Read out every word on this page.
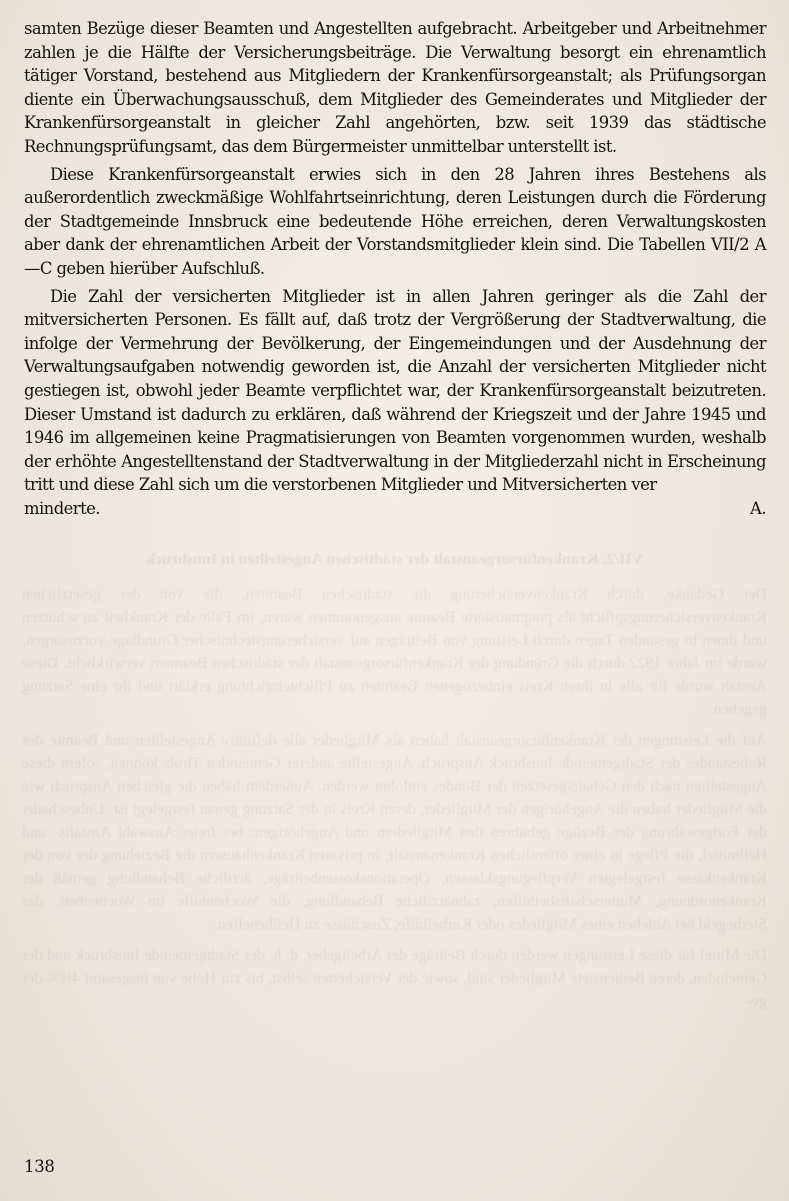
VII/2. Krankenfürsorgeanstalt der städtischen Angestellten in Innsbruck

Der Gedanke, durch Krankenversicherung die städtischen Beamten, die von der gesetzlichen Krankenversicherungspflicht als pragmatisierte Beamte ausgenommen waren, im Falle der Krankheit zu schützen und ihnen in gesunden Tagen durch Leistung von Beiträgen auf versicherungstechnischer Grundlage vorzusorgen, wurde im Jahre 1922 durch die Gründung der Krankenfürsorgeanstalt der städtischen Beamten verwirklicht. Diese Anstalt wurde für alle in ihren Kreis einbezogenen Beamten zu Pflichteinrichtung erklärt und ihr eine Satzung gegeben.

Auf die Leistungen der Krankenfürsorgeanstalt haben als Mitglieder alle definitiv Angestellten und Beamte des Ruhestandes der Stadtgemeinde Innsbruck Anspruch. Angestellte anderer Gemeinden Tirols können, sofern diese Angestellten nach den Gehaltsgesetzen der Bundes entlohnt werden. Außerdem haben die gleichen Anspruch wie die Mitglieder haben die Angehörigen der Mitglieder, deren Kreis in der Satzung genau festgelegt ist. Unbeschadet der Fortgewährung der Bezüge gebühren den Mitgliedern und Angehörigen: bei freier Auswahl Anstalts- und Heilmittel, die Pflege in einer öffentlichen Krankenanstalt, in privaten Krankenhäusern die Beziehung der von der Krankenkasse festgelegten Verpflegungsklassen, Operationskostenbeiträge, ärztliche Behandlung gemäß der Krankenordnung, Mutterschaftsbeihilfen, zahnärztliche Behandlung, die Wochenhilfe im Wochenbett, das Sterbegeld bei Ableben eines Mitgliedes oder Kurbeihilfe, Zuschüsse zu Heilbehelfen.

Die Mittel für diese Leistungen werden durch Beiträge der Arbeitgeber, d. h. der Stadtgemeinde Innsbruck und der Gemeinden, deren Bedienstete Mitglieder sind, sowie der Versicherten selbst, bis zur Höhe von insgesamt 4½% der ge-

samten Bezüge dieser Beamten und Angestellten aufgebracht. Arbeitgeber und Arbeitnehmer zahlen je die Hälfte der Versicherungsbeiträge. Die Verwaltung besorgt ein ehrenamtlich tätiger Vorstand, bestehend aus Mitgliedern der Krankenfürsorgeanstalt; als Prüfungsorgan diente ein Überwachungsausschuß, dem Mitglieder des Gemeinderates und Mitglieder der Krankenfürsorgeanstalt in gleicher Zahl angehörten, bzw. seit 1939 das städtische Rechnungsprüfungsamt, das dem Bürgermeister unmittelbar unterstellt ist.

Diese Krankenfürsorgeanstalt erwies sich in den 28 Jahren ihres Bestehens als außerordentlich zweckmäßige Wohlfahrtseinrichtung, deren Leistungen durch die Förderung der Stadtgemeinde Innsbruck eine bedeutende Höhe erreichen, deren Verwaltungskosten aber dank der ehrenamtlichen Arbeit der Vorstandsmitglieder klein sind. Die Tabellen VII/2 A—C geben hierüber Aufschluß.

Die Zahl der versicherten Mitglieder ist in allen Jahren geringer als die Zahl der mitversicherten Personen. Es fällt auf, daß trotz der Vergrößerung der Stadtverwaltung, die infolge der Vermehrung der Bevölkerung, der Eingemeindungen und der Ausdehnung der Verwaltungsaufgaben notwendig geworden ist, die Anzahl der versicherten Mitglieder nicht gestiegen ist, obwohl jeder Beamte verpflichtet war, der Krankenfürsorgeanstalt beizutreten. Dieser Umstand ist dadurch zu erklären, daß während der Kriegszeit und der Jahre 1945 und 1946 im allgemeinen keine Pragmatisierungen von Beamten vorgenommen wurden, weshalb der erhöhte Angestelltenstand der Stadtverwaltung in der Mitgliederzahl nicht in Erscheinung tritt und diese Zahl sich um die verstorbenen Mitglieder und Mitversicherten ver

minderte.	A.
138
